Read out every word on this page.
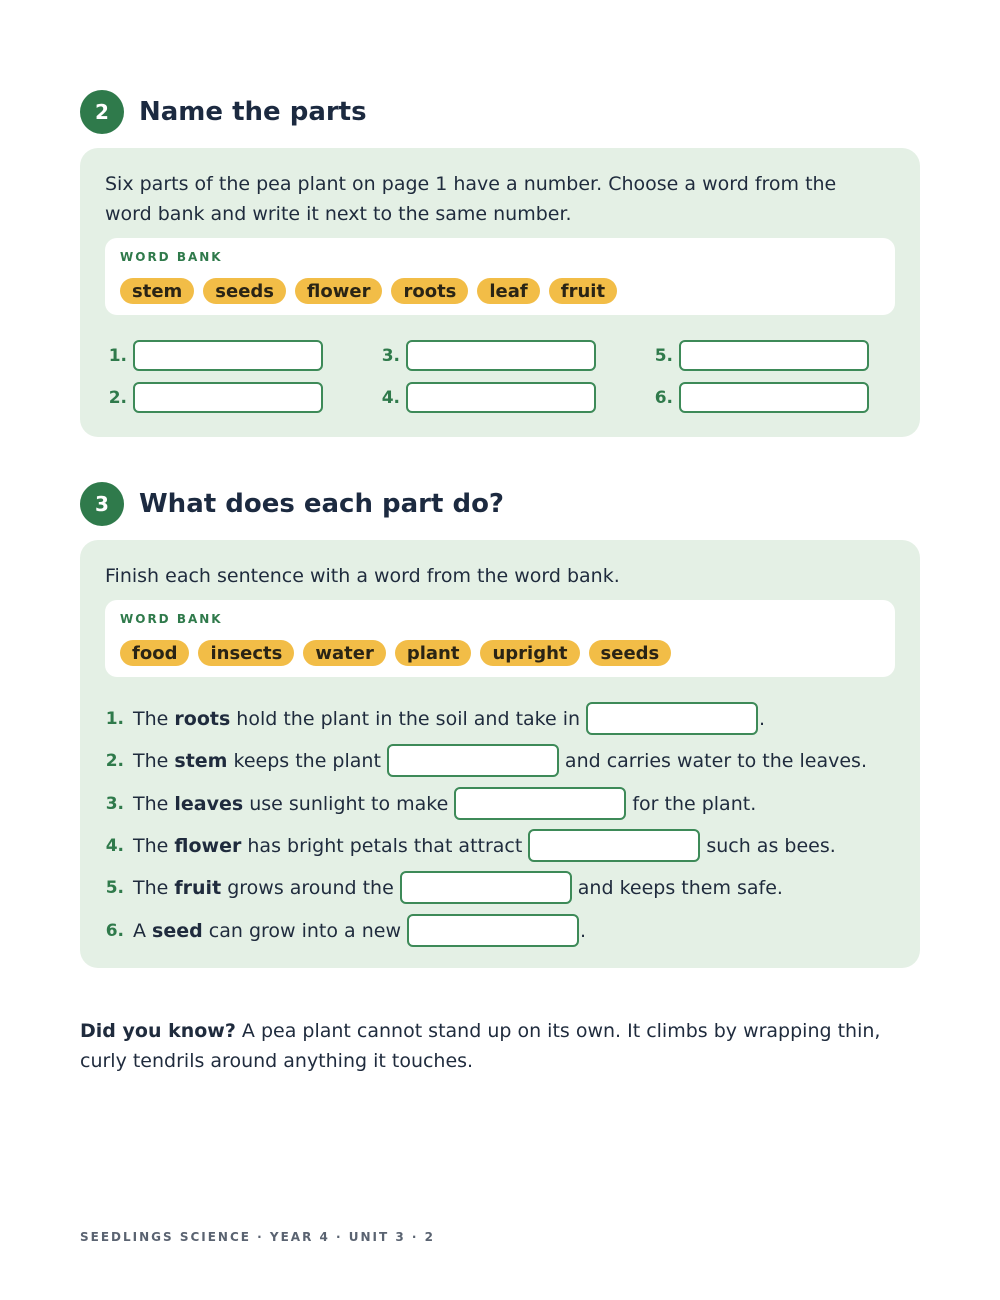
2	Name the parts
Six parts of the pea plant on page 1 have a number. Choose a word from the word bank and write it next to the same number.
WORD BANK
stem	seeds	flower	roots	leaf	fruit
1.
2.
3.
4.
5.
6.
3	What does each part do?
Finish each sentence with a word from the word bank.
WORD BANK
food	insects	water	plant	upright	seeds
1. The roots hold the plant in the soil and take in	.
2. The stem keeps the plant	and carries water to the leaves.
3. The leaves use sunlight to make	for the plant.
4. The flower has bright petals that attract	such as bees.
5. The fruit grows around the	and keeps them safe.
6. A seed can grow into a new	.
Did you know? A pea plant cannot stand up on its own. It climbs by wrapping thin, curly tendrils around anything it touches.
SEEDLINGS SCIENCE · YEAR 4 · UNIT 3 · 2
